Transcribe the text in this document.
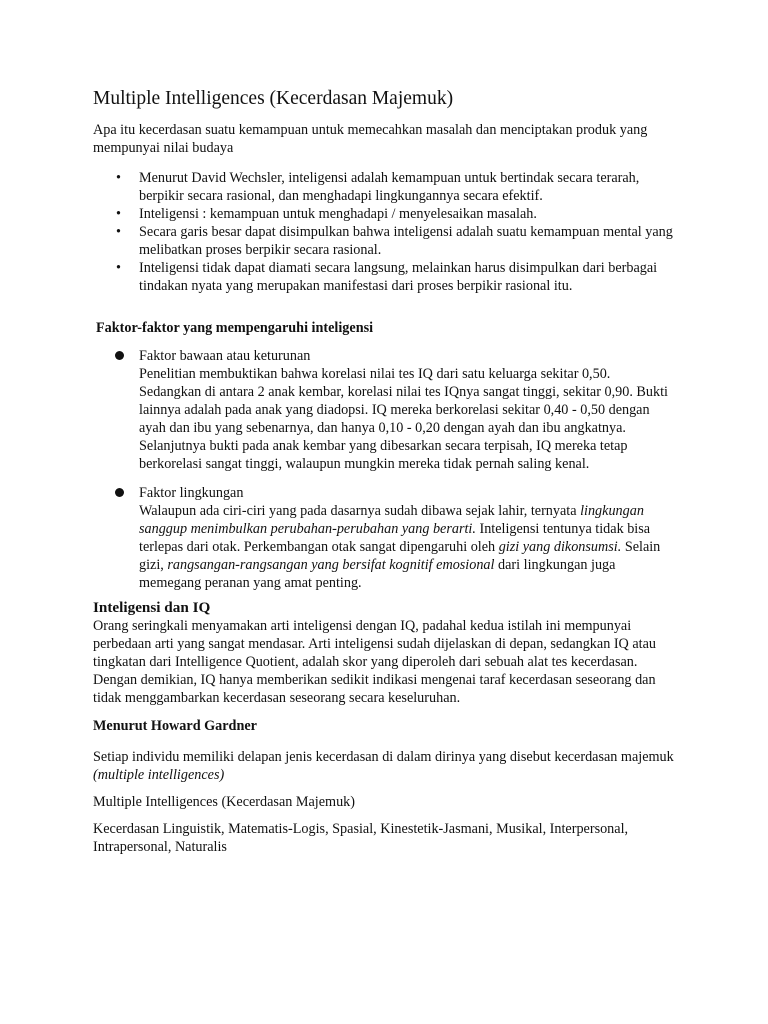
Multiple Intelligences (Kecerdasan Majemuk)

Apa itu kecerdasan suatu kemampuan untuk memecahkan masalah dan menciptakan produk yang mempunyai nilai budaya

• Menurut David Wechsler, inteligensi adalah kemampuan untuk bertindak secara terarah, berpikir secara rasional, dan menghadapi lingkungannya secara efektif.
• Inteligensi : kemampuan untuk menghadapi / menyelesaikan masalah.
• Secara garis besar dapat disimpulkan bahwa inteligensi adalah suatu kemampuan mental yang melibatkan proses berpikir secara rasional.
• Inteligensi tidak dapat diamati secara langsung, melainkan harus disimpulkan dari berbagai tindakan nyata yang merupakan manifestasi dari proses berpikir rasional itu.
Faktor-faktor yang mempengaruhi inteligensi
Faktor bawaan atau keturunan
Penelitian membuktikan bahwa korelasi nilai tes IQ dari satu keluarga sekitar 0,50. Sedangkan di antara 2 anak kembar, korelasi nilai tes IQnya sangat tinggi, sekitar 0,90. Bukti lainnya adalah pada anak yang diadopsi. IQ mereka berkorelasi sekitar 0,40 - 0,50 dengan ayah dan ibu yang sebenarnya, dan hanya 0,10 - 0,20 dengan ayah dan ibu angkatnya. Selanjutnya bukti pada anak kembar yang dibesarkan secara terpisah, IQ mereka tetap berkorelasi sangat tinggi, walaupun mungkin mereka tidak pernah saling kenal.
Faktor lingkungan
Walaupun ada ciri-ciri yang pada dasarnya sudah dibawa sejak lahir, ternyata lingkungan sanggup menimbulkan perubahan-perubahan yang berarti. Inteligensi tentunya tidak bisa terlepas dari otak. Perkembangan otak sangat dipengaruhi oleh gizi yang dikonsumsi. Selain gizi, rangsangan-rangsangan yang bersifat kognitif emosional dari lingkungan juga memegang peranan yang amat penting.
Inteligensi dan IQ

Orang seringkali menyamakan arti inteligensi dengan IQ, padahal kedua istilah ini mempunyai perbedaan arti yang sangat mendasar. Arti inteligensi sudah dijelaskan di depan, sedangkan IQ atau tingkatan dari Intelligence Quotient, adalah skor yang diperoleh dari sebuah alat tes kecerdasan. Dengan demikian, IQ hanya memberikan sedikit indikasi mengenai taraf kecerdasan seseorang dan tidak menggambarkan kecerdasan seseorang secara keseluruhan.

Menurut Howard Gardner

Setiap individu memiliki delapan jenis kecerdasan di dalam dirinya yang disebut kecerdasan majemuk (multiple intelligences)

Multiple Intelligences (Kecerdasan Majemuk)

Kecerdasan Linguistik, Matematis-Logis, Spasial, Kinestetik-Jasmani, Musikal, Interpersonal, Intrapersonal, Naturalis
